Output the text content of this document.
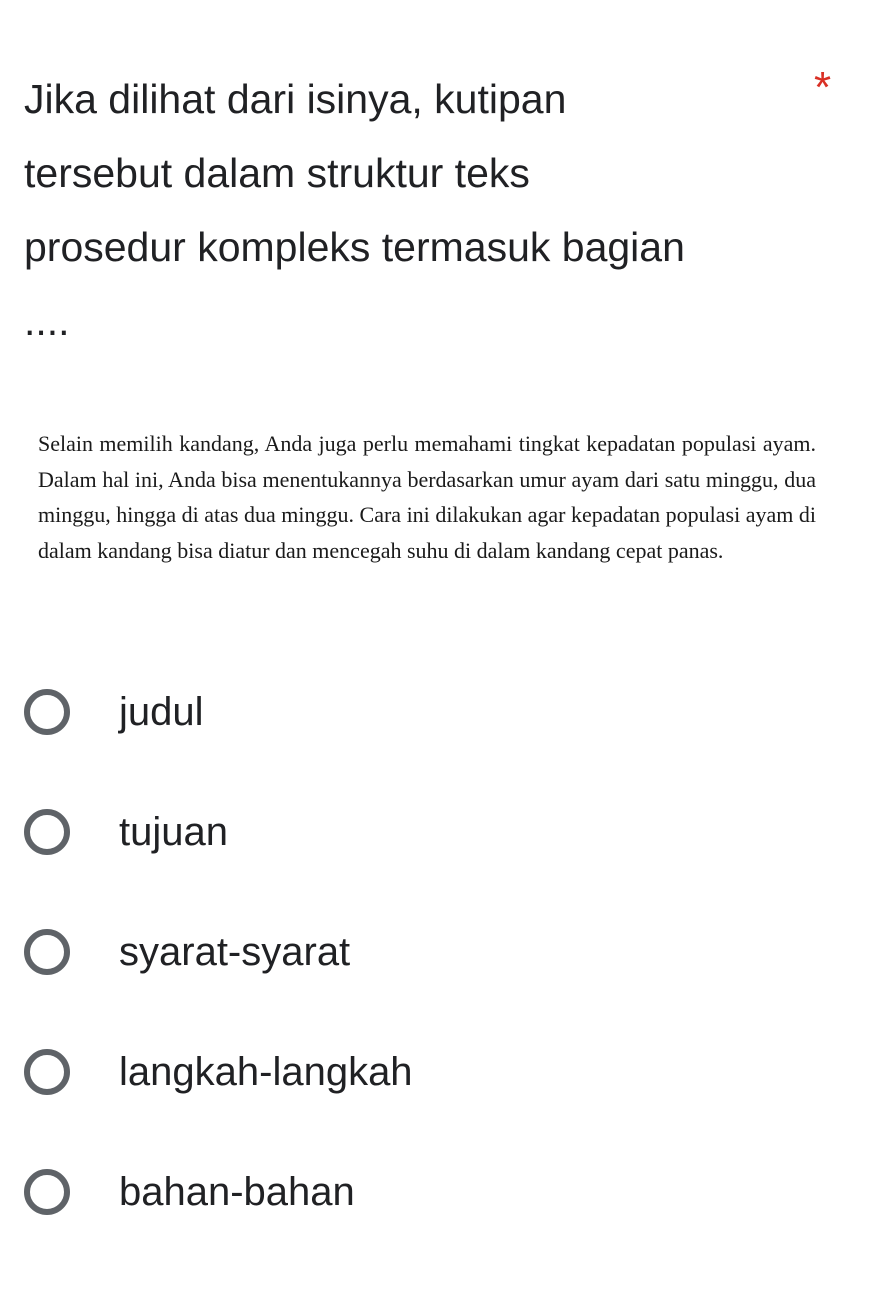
Jika dilihat dari isinya, kutipan
tersebut dalam struktur teks
prosedur kompleks termasuk bagian
....
*

Selain memilih kandang, Anda juga perlu memahami tingkat kepadatan populasi ayam. Dalam hal ini, Anda bisa menentukannya berdasarkan umur ayam dari satu minggu, dua minggu, hingga di atas dua minggu. Cara ini dilakukan agar kepadatan populasi ayam di dalam kandang bisa diatur dan mencegah suhu di dalam kandang cepat panas.

judul
tujuan
syarat-syarat
langkah-langkah
bahan-bahan
